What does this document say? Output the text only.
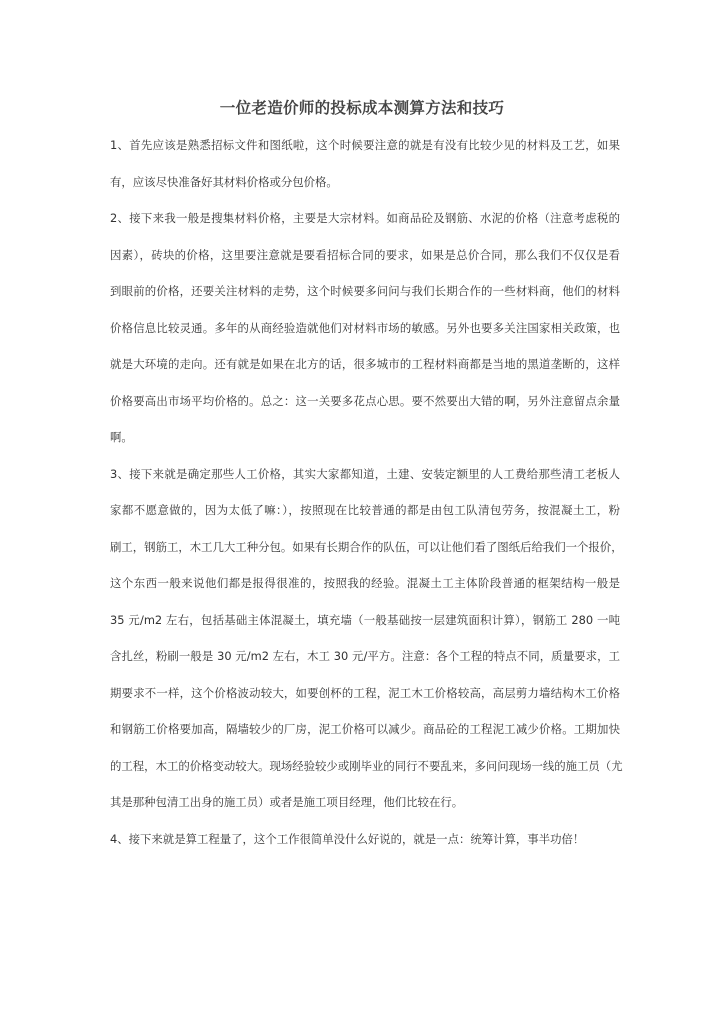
一位老造价师的投标成本测算方法和技巧
1、首先应该是熟悉招标文件和图纸啦，这个时候要注意的就是有没有比较少见的材料及工艺，如果
有，应该尽快准备好其材料价格或分包价格。
2、接下来我一般是搜集材料价格，主要是大宗材料。如商品砼及钢筋、水泥的价格（注意考虑税的
因素），砖块的价格，这里要注意就是要看招标合同的要求，如果是总价合同，那么我们不仅仅是看
到眼前的价格，还要关注材料的走势，这个时候要多问问与我们长期合作的一些材料商，他们的材料
价格信息比较灵通。多年的从商经验造就他们对材料市场的敏感。另外也要多关注国家相关政策，也
就是大环境的走向。还有就是如果在北方的话，很多城市的工程材料商都是当地的黑道垄断的，这样
价格要高出市场平均价格的。总之：这一关要多花点心思。要不然要出大错的啊，另外注意留点余量
啊。
3、接下来就是确定那些人工价格，其实大家都知道，土建、安装定额里的人工费给那些清工老板人
家都不愿意做的，因为太低了嘛：），按照现在比较普通的都是由包工队清包劳务，按混凝土工，粉
刷工，钢筋工，木工几大工种分包。如果有长期合作的队伍，可以让他们看了图纸后给我们一个报价，
这个东西一般来说他们都是报得很准的，按照我的经验。混凝土工主体阶段普通的框架结构一般是
35 元/m2 左右，包括基础主体混凝土，填充墙（一般基础按一层建筑面积计算），钢筋工 280 一吨
含扎丝，粉刷一般是 30 元/m2 左右，木工 30 元/平方。注意：各个工程的特点不同，质量要求，工
期要求不一样，这个价格波动较大，如要创杯的工程，泥工木工价格较高，高层剪力墙结构木工价格
和钢筋工价格要加高，隔墙较少的厂房，泥工价格可以减少。商品砼的工程泥工减少价格。工期加快
的工程，木工的价格变动较大。现场经验较少或刚毕业的同行不要乱来，多问问现场一线的施工员（尤
其是那种包清工出身的施工员）或者是施工项目经理，他们比较在行。
4、接下来就是算工程量了，这个工作很简单没什么好说的，就是一点：统筹计算，事半功倍！
